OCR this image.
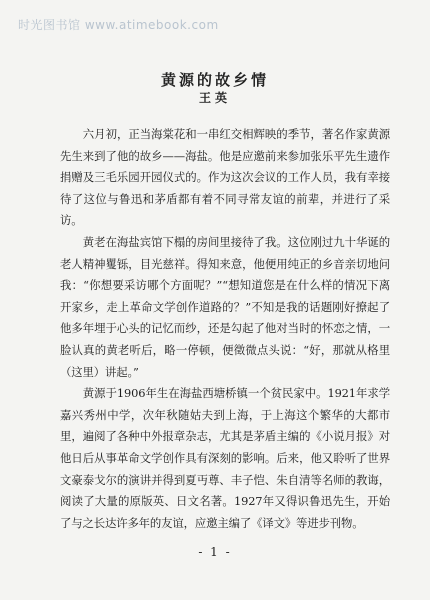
时光图书馆 www.atimebook.com
黄源的故乡情
王英

六月初，正当海棠花和一串红交相辉映的季节，著名作家黄源先生来到了他的故乡——海盐。他是应邀前来参加张乐平先生遗作捐赠及三毛乐园开园仪式的。作为这次会议的工作人员，我有幸接待了这位与鲁迅和茅盾都有着不同寻常友谊的前辈，并进行了采访。

黄老在海盐宾馆下榻的房间里接待了我。这位刚过九十华诞的老人精神矍铄，目光慈祥。得知来意，他便用纯正的乡音亲切地问我：“你想要采访哪个方面呢？”“想知道您是在什么样的情况下离开家乡，走上革命文学创作道路的？”不知是我的话题刚好撩起了他多年埋于心头的记忆而纱，还是勾起了他对当时的怀恋之情，一脸认真的黄老听后，略一停顿，便徵微点头说：“好，那就从格里（这里）讲起。”

黄源于1906年生在海盐西塘桥镇一个贫民家中。1921年求学嘉兴秀州中学，次年秋随姑夫到上海，于上海这个繁华的大都市里，遍阅了各种中外报章杂志，尤其是茅盾主编的《小说月报》对他日后从事革命文学创作具有深刻的影响。后来，他又聆听了世界文豪泰戈尔的演讲并得到夏丏尊、丰子恺、朱自清等名师的教诲，阅读了大量的原版英、日文名著。1927年又得识鲁迅先生，开始了与之长达许多年的友谊，应邀主编了《译文》等进步刊物。

- 1 -
